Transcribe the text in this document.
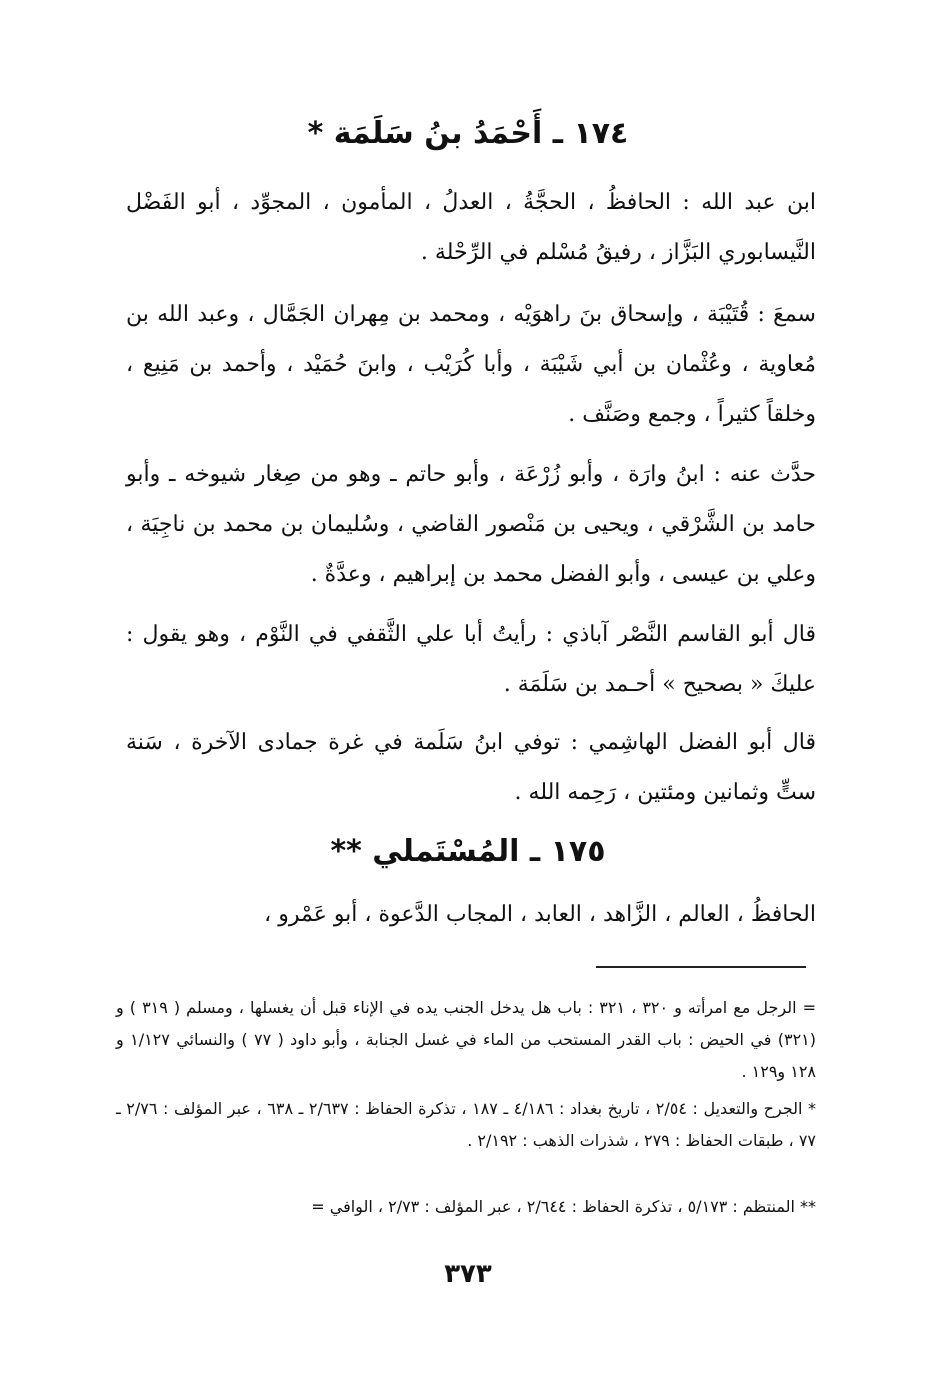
١٧٤ ـ أَحْمَدُ بنُ سَلَمَة *
ابن عبد الله : الحافظُ ، الحجَّةُ ، العدلُ ، المأمون ، المجوِّد ، أبو الفَضْل النَّيسابوري البَزَّاز ، رفيقُ مُسْلم في الرِّحْلة .
سمعَ : قُتَيْبَة ، وإسحاق بنَ راهوَيْه ، ومحمد بن مِهران الجَمَّال ، وعبد الله بن مُعاوية ، وعُثْمان بن أبي شَيْبَة ، وأبا كُرَيْب ، وابنَ حُمَيْد ، وأحمد بن مَنِيع ، وخلقاً كثيراً ، وجمع وصَنَّف .
حدَّث عنه : ابنُ وارَة ، وأبو زُرْعَة ، وأبو حاتم ـ وهو من صِغار شيوخه ـ وأبو حامد بن الشَّرْقي ، ويحيى بن مَنْصور القاضي ، وسُليمان بن محمد بن ناجِيَة ، وعلي بن عيسى ، وأبو الفضل محمد بن إبراهيم ، وعدَّةٌ .
قال أبو القاسم النَّصْر آباذي : رأيتُ أبا علي الثَّقفي في النَّوْم ، وهو يقول : عليكَ « بصحيح » أحـمد بن سَلَمَة .
قال أبو الفضل الهاشِمي : توفي ابنُ سَلَمة في غرة جمادى الآخرة ، سَنة ستٍّ وثمانين ومئتين ، رَحِمه الله .
١٧٥ ـ المُسْتَملي **
الحافظُ ، العالم ، الزَّاهد ، العابد ، المجاب الدَّعوة ، أبو عَمْرو ،
= الرجل مع امرأته و ٣٢٠ ، ٣٢١ : باب هل يدخل الجنب يده في الإناء قبل أن يغسلها ، ومسلم ( ٣١٩ ) و (٣٢١) في الحيض : باب القدر المستحب من الماء في غسل الجنابة ، وأبو داود ( ٧٧ ) والنسائي ١/١٢٧ و ١٢٨ و١٢٩ .
* الجرح والتعديل : ٢/٥٤ ، تاريخ بغداد : ٤/١٨٦ ـ ١٨٧ ، تذكرة الحفاظ : ٢/٦٣٧ ـ ٦٣٨ ، عبر المؤلف : ٢/٧٦ ـ ٧٧ ، طبقات الحفاظ : ٢٧٩ ، شذرات الذهب : ٢/١٩٢ .
** المنتظم : ٥/١٧٣ ، تذكرة الحفاظ : ٢/٦٤٤ ، عبر المؤلف : ٢/٧٣ ، الوافي =
٣٧٣
